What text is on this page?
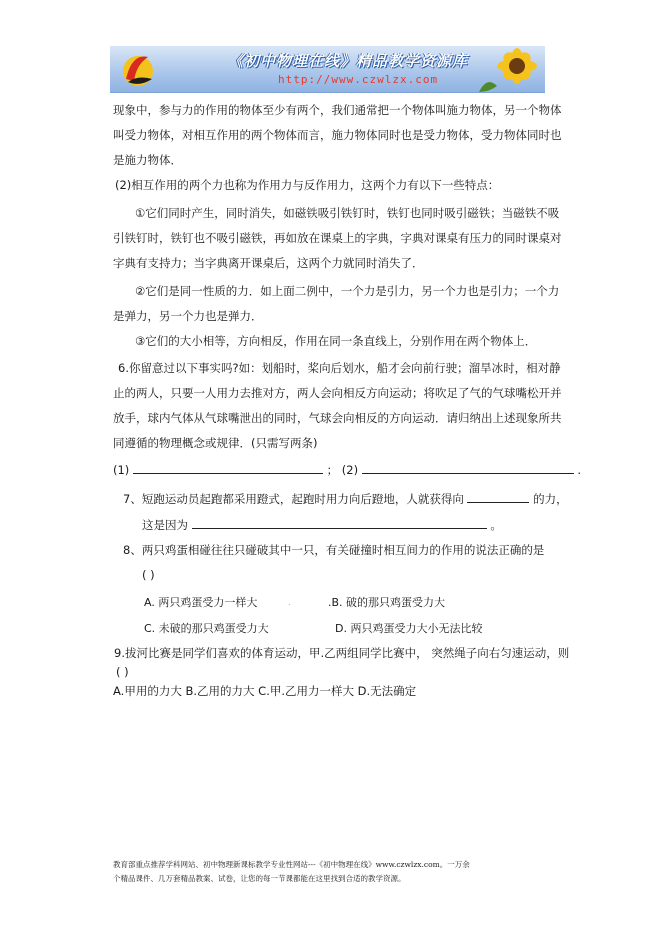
《初中物理在线》精品教学资源库
http://www.czwlzx.com
现象中，参与力的作用的物体至少有两个，我们通常把一个物体叫施力物体，另一个物体
叫受力物体，对相互作用的两个物体而言，施力物体同时也是受力物体，受力物体同时也
是施力物体．
(2)相互作用的两个力也称为作用力与反作用力，这两个力有以下一些特点：
①它们同时产生，同时消失，如磁铁吸引铁钉时，铁钉也同时吸引磁铁；当磁铁不吸
引铁钉时，铁钉也不吸引磁铁，再如放在课桌上的字典，字典对课桌有压力的同时课桌对
字典有支持力；当字典离开课桌后，这两个力就同时消失了．
②它们是同一性质的力．如上面二例中，一个力是引力，另一个力也是引力；一个力
是弹力，另一个力也是弹力．
③它们的大小相等，方向相反，作用在同一条直线上，分别作用在两个物体上．
6.你留意过以下事实吗?如：划船时，桨向后划水，船才会向前行驶；溜旱冰时，相对静
止的两人，只要一人用力去推对方，两人会向相反方向运动；将吹足了气的气球嘴松开并
放手，球内气体从气球嘴泄出的同时，气球会向相反的方向运动．请归纳出上述现象所共
同遵循的物理概念或规律．(只需写两条)
(1)	； (2)	.
7、短跑运动员起跑都采用蹬式，起跑时用力向后蹬地，人就获得向	的力，
这是因为	。
8、两只鸡蛋相碰往往只碰破其中一只，有关碰撞时相互间力的作用的说法正确的是
( )
A. 两只鸡蛋受力一样大	.	.B. 破的那只鸡蛋受力大
C. 未破的那只鸡蛋受力大	D. 两只鸡蛋受力大小无法比较
9.拔河比赛是同学们喜欢的体育运动，甲.乙两组同学比赛中， 突然绳子向右匀速运动，则
( )
A.甲用的力大 B.乙用的力大 C.甲.乙用力一样大 D.无法确定
教育部重点推荐学科网站、初中物理新课标教学专业性网站---《初中物理在线》www.czwlzx.com。一万余
个精品课件、几万套精品教案、试卷，让您的每一节课都能在这里找到合适的教学资源。
